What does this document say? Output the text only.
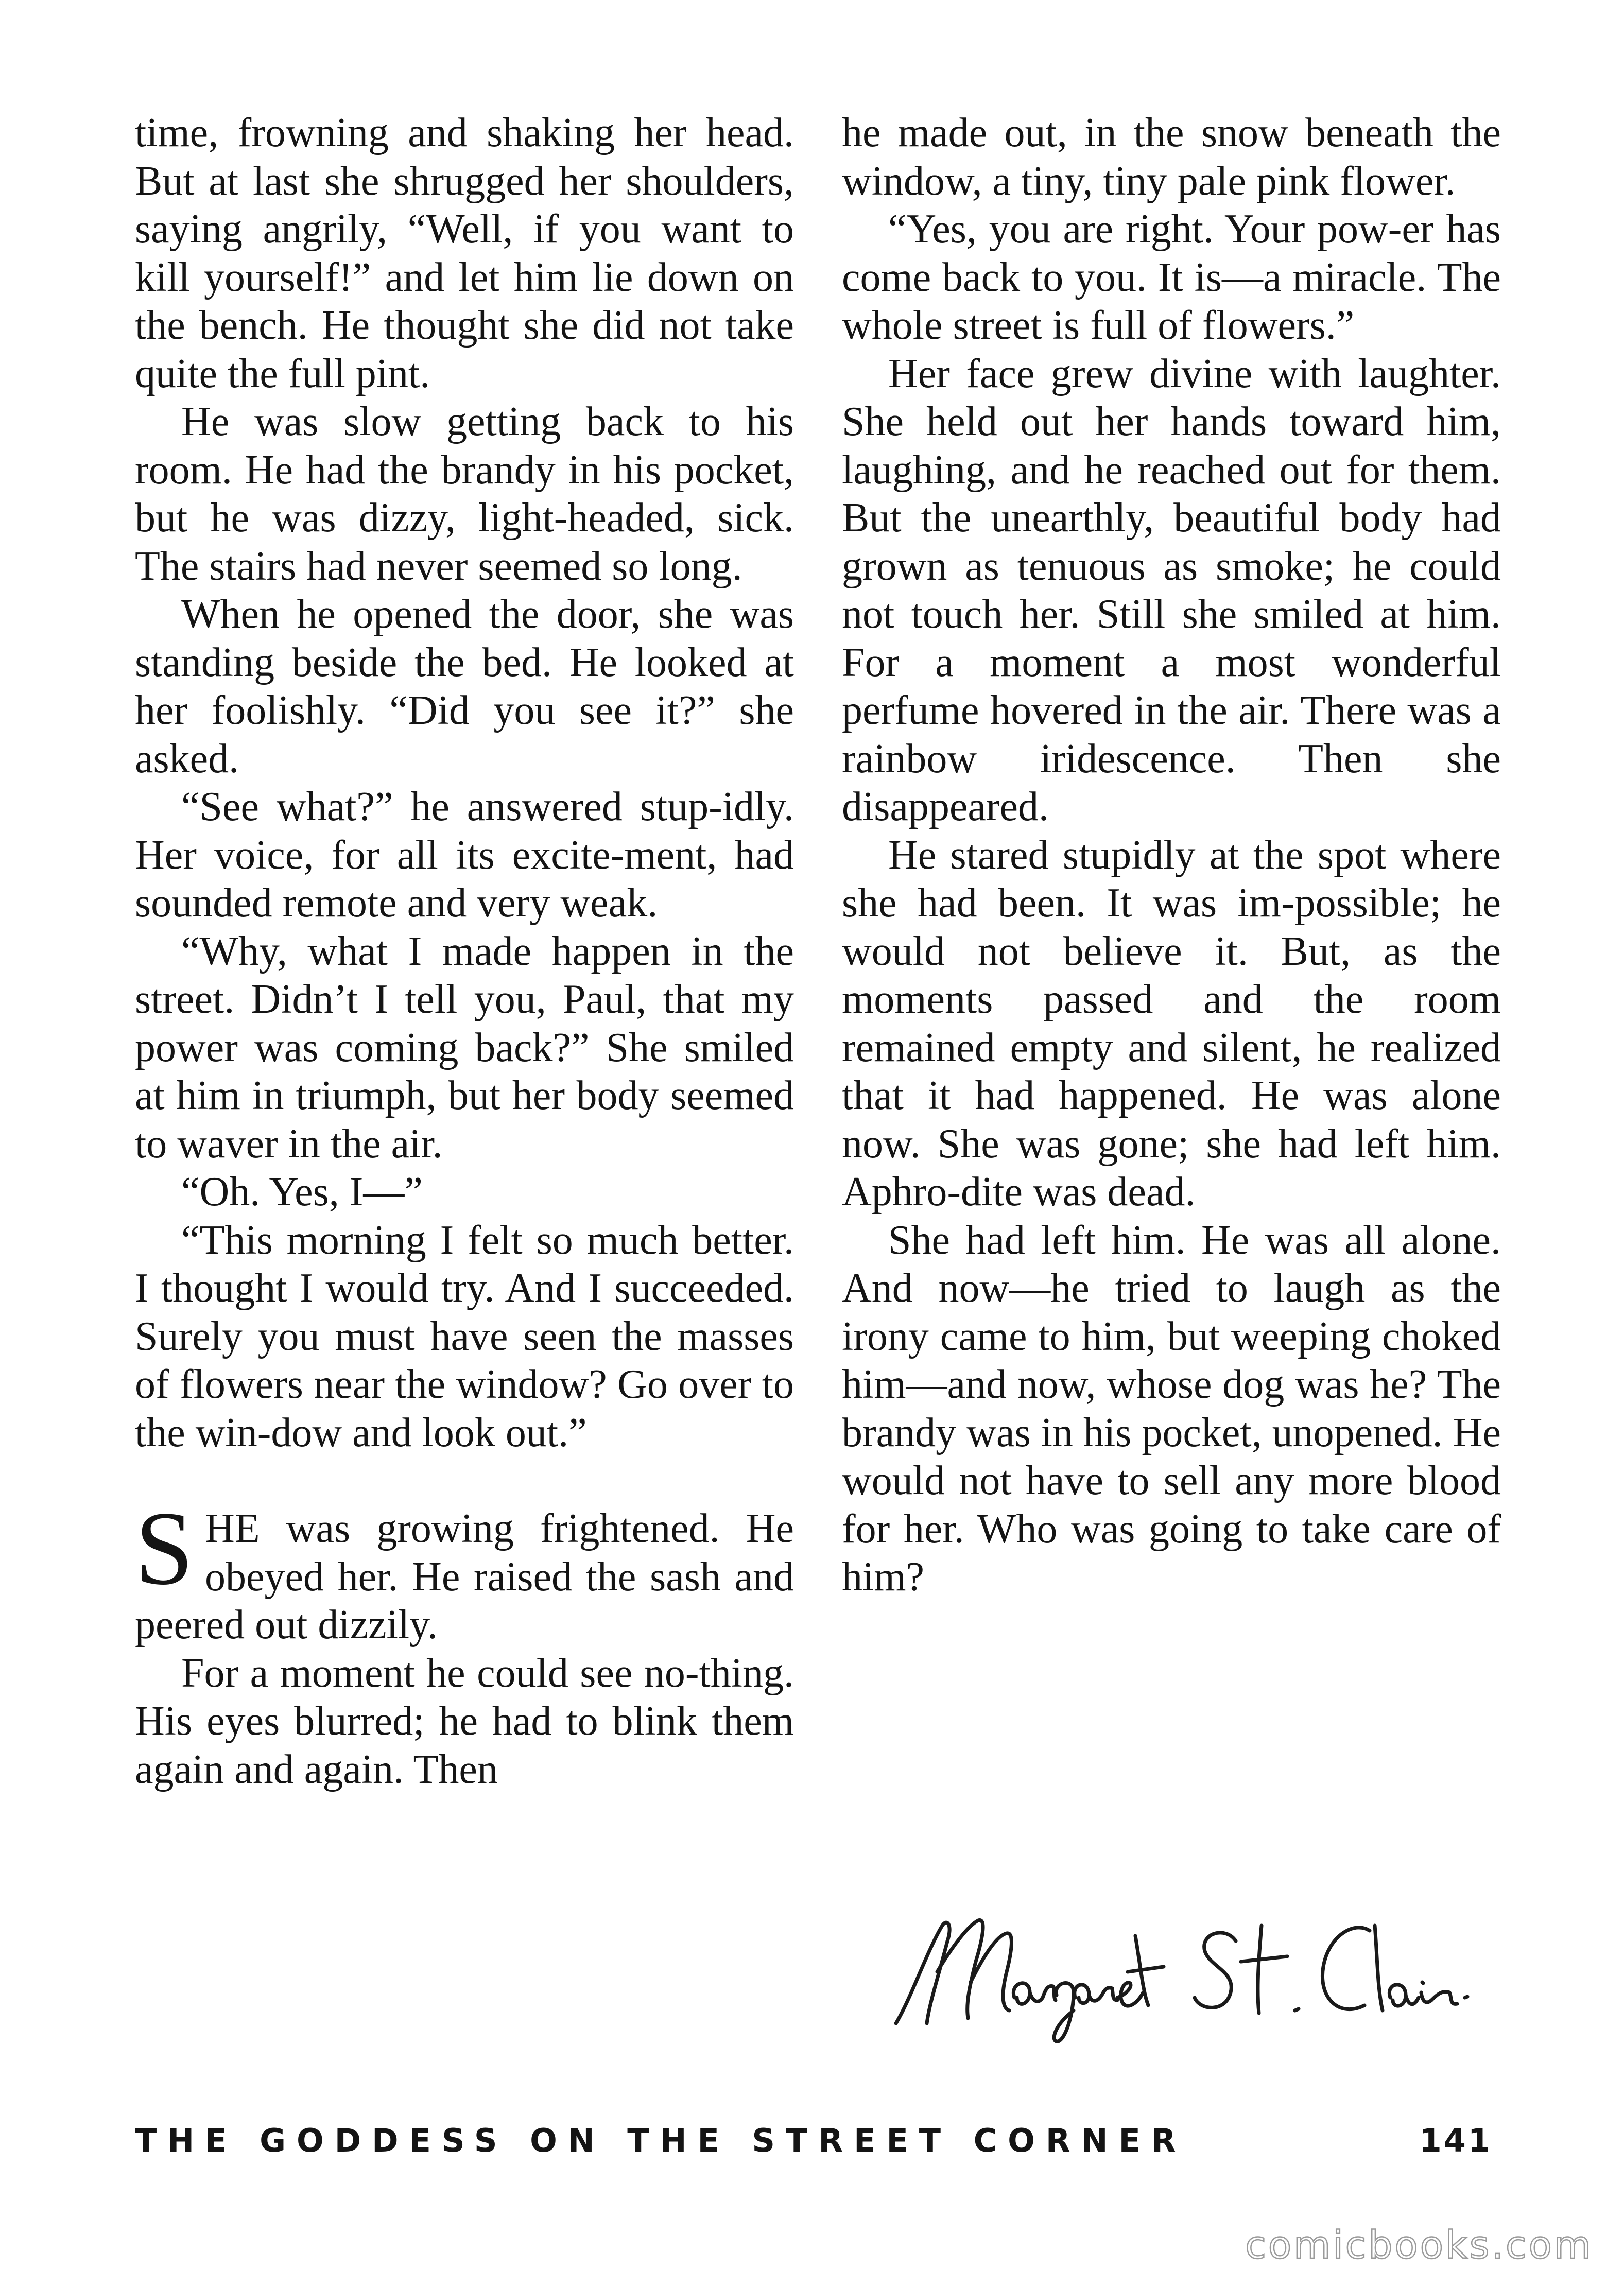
time, frowning and shaking her head. But at last she shrugged her shoulders, saying angrily, “Well, if you want to kill yourself!” and let him lie down on the bench. He thought she did not take quite the full pint.

He was slow getting back to his room. He had the brandy in his pocket, but he was dizzy, light-headed, sick. The stairs had never seemed so long.

When he opened the door, she was standing beside the bed. He looked at her foolishly. “Did you see it?” she asked.

“See what?” he answered stup-idly. Her voice, for all its excite-ment, had sounded remote and very weak.

“Why, what I made happen in the street. Didn’t I tell you, Paul, that my power was coming back?” She smiled at him in triumph, but her body seemed to waver in the air.

“Oh. Yes, I—”

“This morning I felt so much better. I thought I would try. And I succeeded. Surely you must have seen the masses of flowers near the window? Go over to the win-dow and look out.”

SHE was growing frightened. He obeyed her. He raised the sash and peered out dizzily.

For a moment he could see no-thing. His eyes blurred; he had to blink them again and again. Then

he made out, in the snow beneath the window, a tiny, tiny pale pink flower.

“Yes, you are right. Your pow-er has come back to you. It is—a miracle. The whole street is full of flowers.”

Her face grew divine with laughter. She held out her hands toward him, laughing, and he reached out for them. But the unearthly, beautiful body had grown as tenuous as smoke; he could not touch her. Still she smiled at him. For a moment a most wonderful perfume hovered in the air. There was a rainbow iridescence. Then she disappeared.

He stared stupidly at the spot where she had been. It was im-possible; he would not believe it. But, as the moments passed and the room remained empty and silent, he realized that it had happened. He was alone now. She was gone; she had left him. Aphro-dite was dead.

She had left him. He was all alone. And now—he tried to laugh as the irony came to him, but weeping choked him—and now, whose dog was he? The brandy was in his pocket, unopened. He would not have to sell any more blood for her. Who was going to take care of him?

THE GODDESS ON THE STREET CORNER	141
comicbooks.com
